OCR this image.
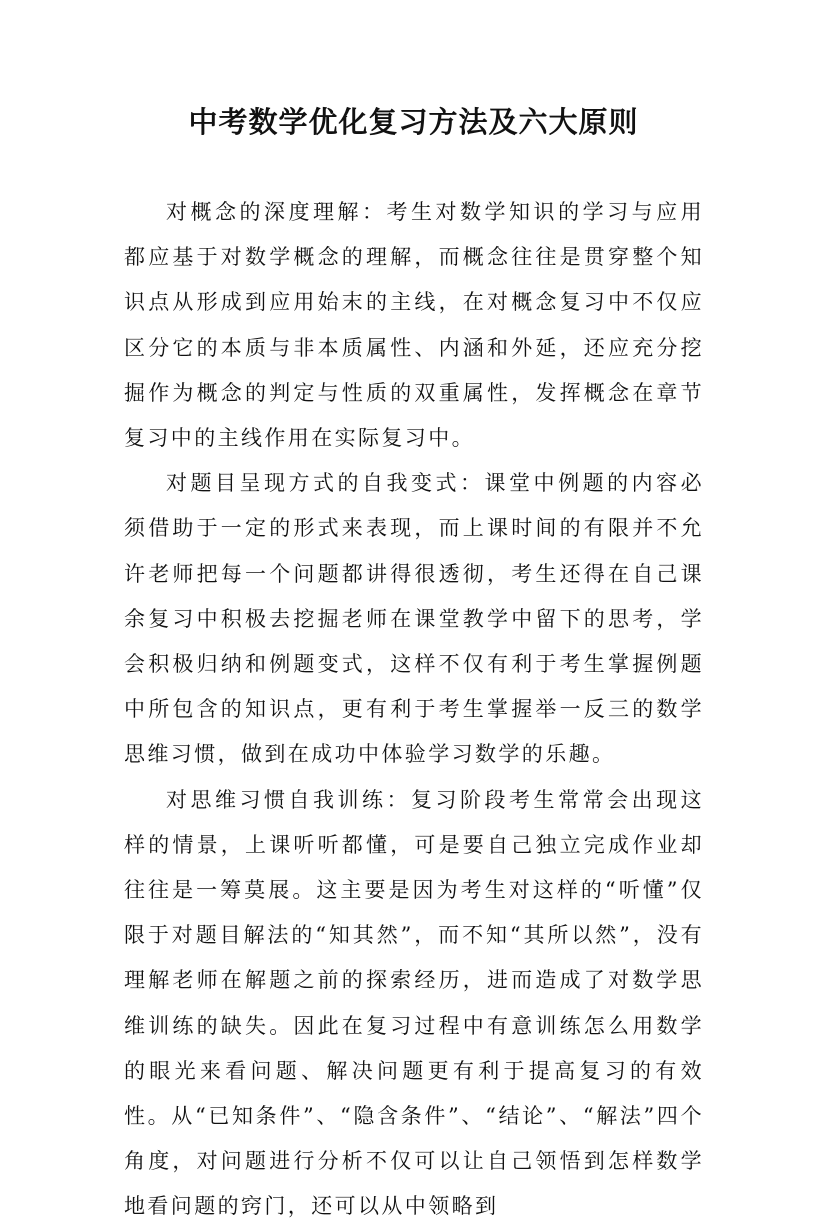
中考数学优化复习方法及六大原则

对概念的深度理解：考生对数学知识的学习与应用都应基于对数学概念的理解，而概念往往是贯穿整个知识点从形成到应用始末的主线，在对概念复习中不仅应区分它的本质与非本质属性、内涵和外延，还应充分挖掘作为概念的判定与性质的双重属性，发挥概念在章节复习中的主线作用在实际复习中。

对题目呈现方式的自我变式：课堂中例题的内容必须借助于一定的形式来表现，而上课时间的有限并不允许老师把每一个问题都讲得很透彻，考生还得在自己课余复习中积极去挖掘老师在课堂教学中留下的思考，学会积极归纳和例题变式，这样不仅有利于考生掌握例题中所包含的知识点，更有利于考生掌握举一反三的数学思维习惯，做到在成功中体验学习数学的乐趣。

对思维习惯自我训练：复习阶段考生常常会出现这样的情景，上课听听都懂，可是要自己独立完成作业却往往是一筹莫展。这主要是因为考生对这样的“听懂”仅限于对题目解法的“知其然”，而不知“其所以然”，没有理解老师在解题之前的探索经历，进而造成了对数学思维训练的缺失。因此在复习过程中有意训练怎么用数学的眼光来看问题、解决问题更有利于提高复习的有效性。从“已知条件”、“隐含条件”、“结论”、“解法”四个角度，对问题进行分析不仅可以让自己领悟到怎样数学地看问题的窍门，还可以从中领略到
